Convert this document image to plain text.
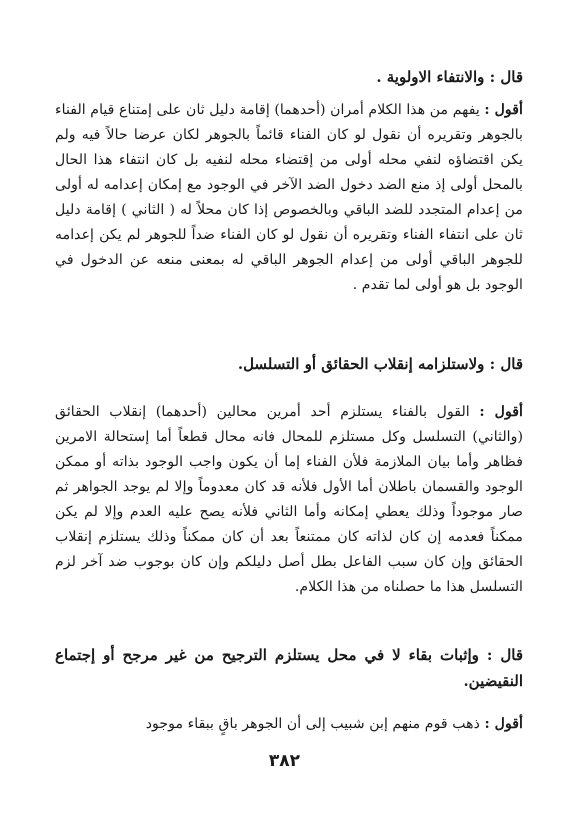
قال : والانتفاء الاولوية .

أقول : يفهم من هذا الكلام أمران (أحدهما) إقامة دليل ثان على إمتناع قيام الفناء بالجوهر وتقريره أن نقول لو كان الفناء قائماً بالجوهر لكان عرضا حالاً فيه ولم يكن اقتضاؤه لنفي محله أولى من إقتضاء محله لنفيه بل كان انتفاء هذا الحال بالمحل أولى إذ منع الضد دخول الضد الآخر في الوجود مع إمكان إعدامه له أولى من إعدام المتجدد للضد الباقي وبالخصوص إذا كان محلاً له ( الثاني ) إقامة دليل ثان على انتفاء الفناء وتقريره أن نقول لو كان الفناء ضداً للجوهر لم يكن إعدامه للجوهر الباقي أولى من إعدام الجوهر الباقي له بمعنى منعه عن الدخول في الوجود بل هو أولى لما تقدم .

قال : ولاستلزامه إنقلاب الحقائق أو التسلسل.

أقول : القول بالفناء يستلزم أحد أمرين محالين (أحدهما) إنقلاب الحقائق (والثاني) التسلسل وكل مستلزم للمحال فانه محال قطعاً أما إستحالة الامرين فظاهر وأما بيان الملازمة فلأن الفناء إما أن يكون واجب الوجود بذاته أو ممكن الوجود والقسمان باطلان أما الأول فلأنه قد كان معدوماً وإلا لم يوجد الجواهر ثم صار موجوداً وذلك يعطي إمكانه وأما الثاني فلأنه يصح عليه العدم وإلا لم يكن ممكناً فعدمه إن كان لذاته كان ممتنعاً بعد أن كان ممكناً وذلك يستلزم إنقلاب الحقائق وإن كان سبب الفاعل بطل أصل دليلكم وإن كان بوجوب ضد آخر لزم التسلسل هذا ما حصلناه من هذا الكلام.

قال : وإثبات بقاء لا في محل يستلزم الترجيح من غير مرجح أو إجتماع النقيضين.

أقول : ذهب قوم منهم إبن شبيب إلى أن الجوهر باقٍ ببقاء موجود

٣٨٢
